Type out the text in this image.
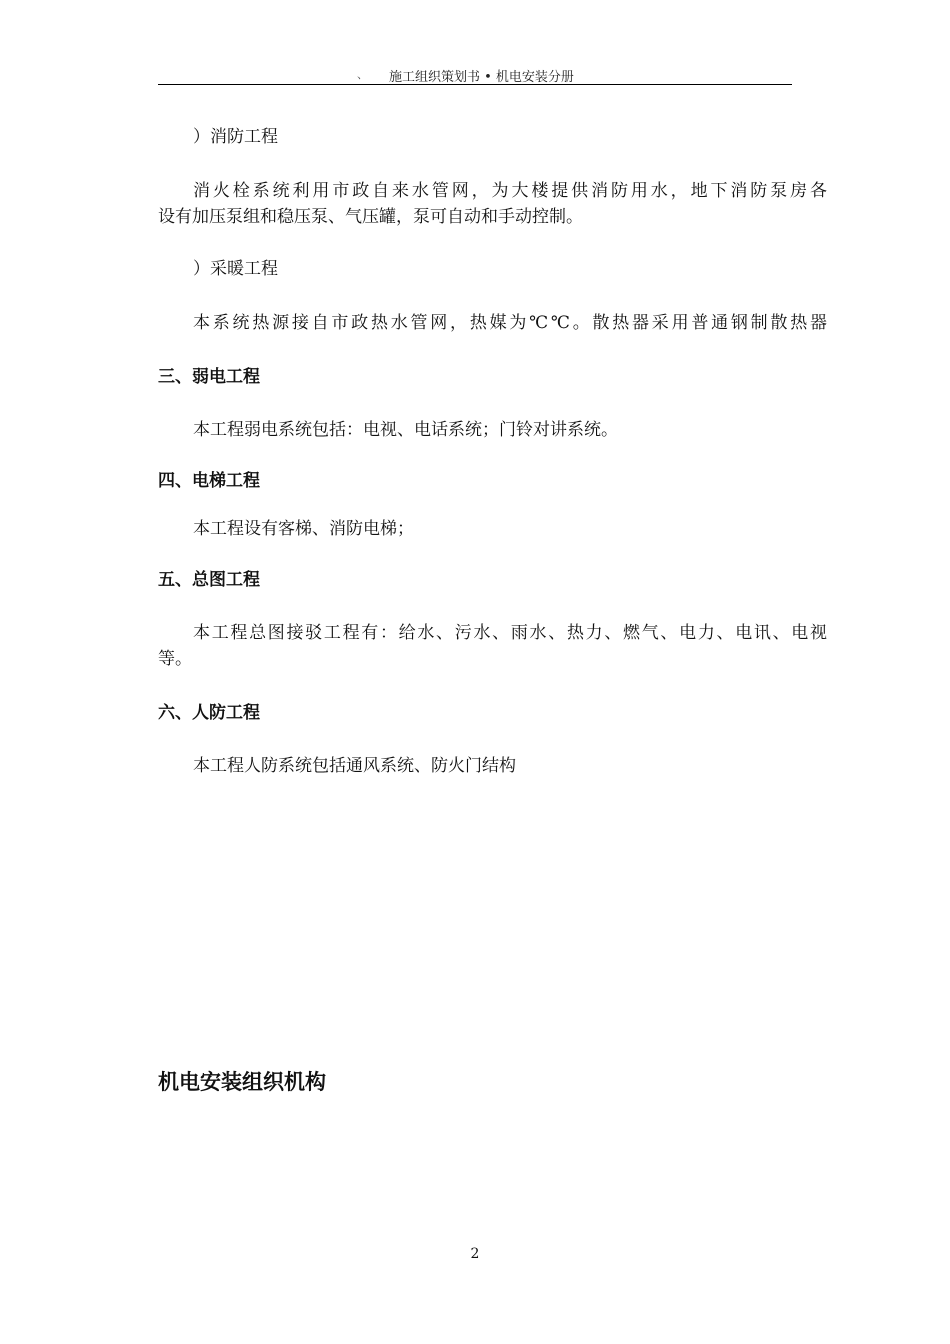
、 施工组织策划书 • 机电安装分册
）消防工程
消火栓系统利用市政自来水管网，为大楼提供消防用水，地下消防泵房各
设有加压泵组和稳压泵、气压罐，泵可自动和手动控制。
）采暖工程
本系统热源接自市政热水管网，热媒为℃℃。散热器采用普通钢制散热器
三、弱电工程
本工程弱电系统包括：电视、电话系统；门铃对讲系统。
四、电梯工程
本工程设有客梯、消防电梯；
五、总图工程
本工程总图接驳工程有：给水、污水、雨水、热力、燃气、电力、电讯、电视
等。
六、人防工程
本工程人防系统包括通风系统、防火门结构
机电安装组织机构
2
